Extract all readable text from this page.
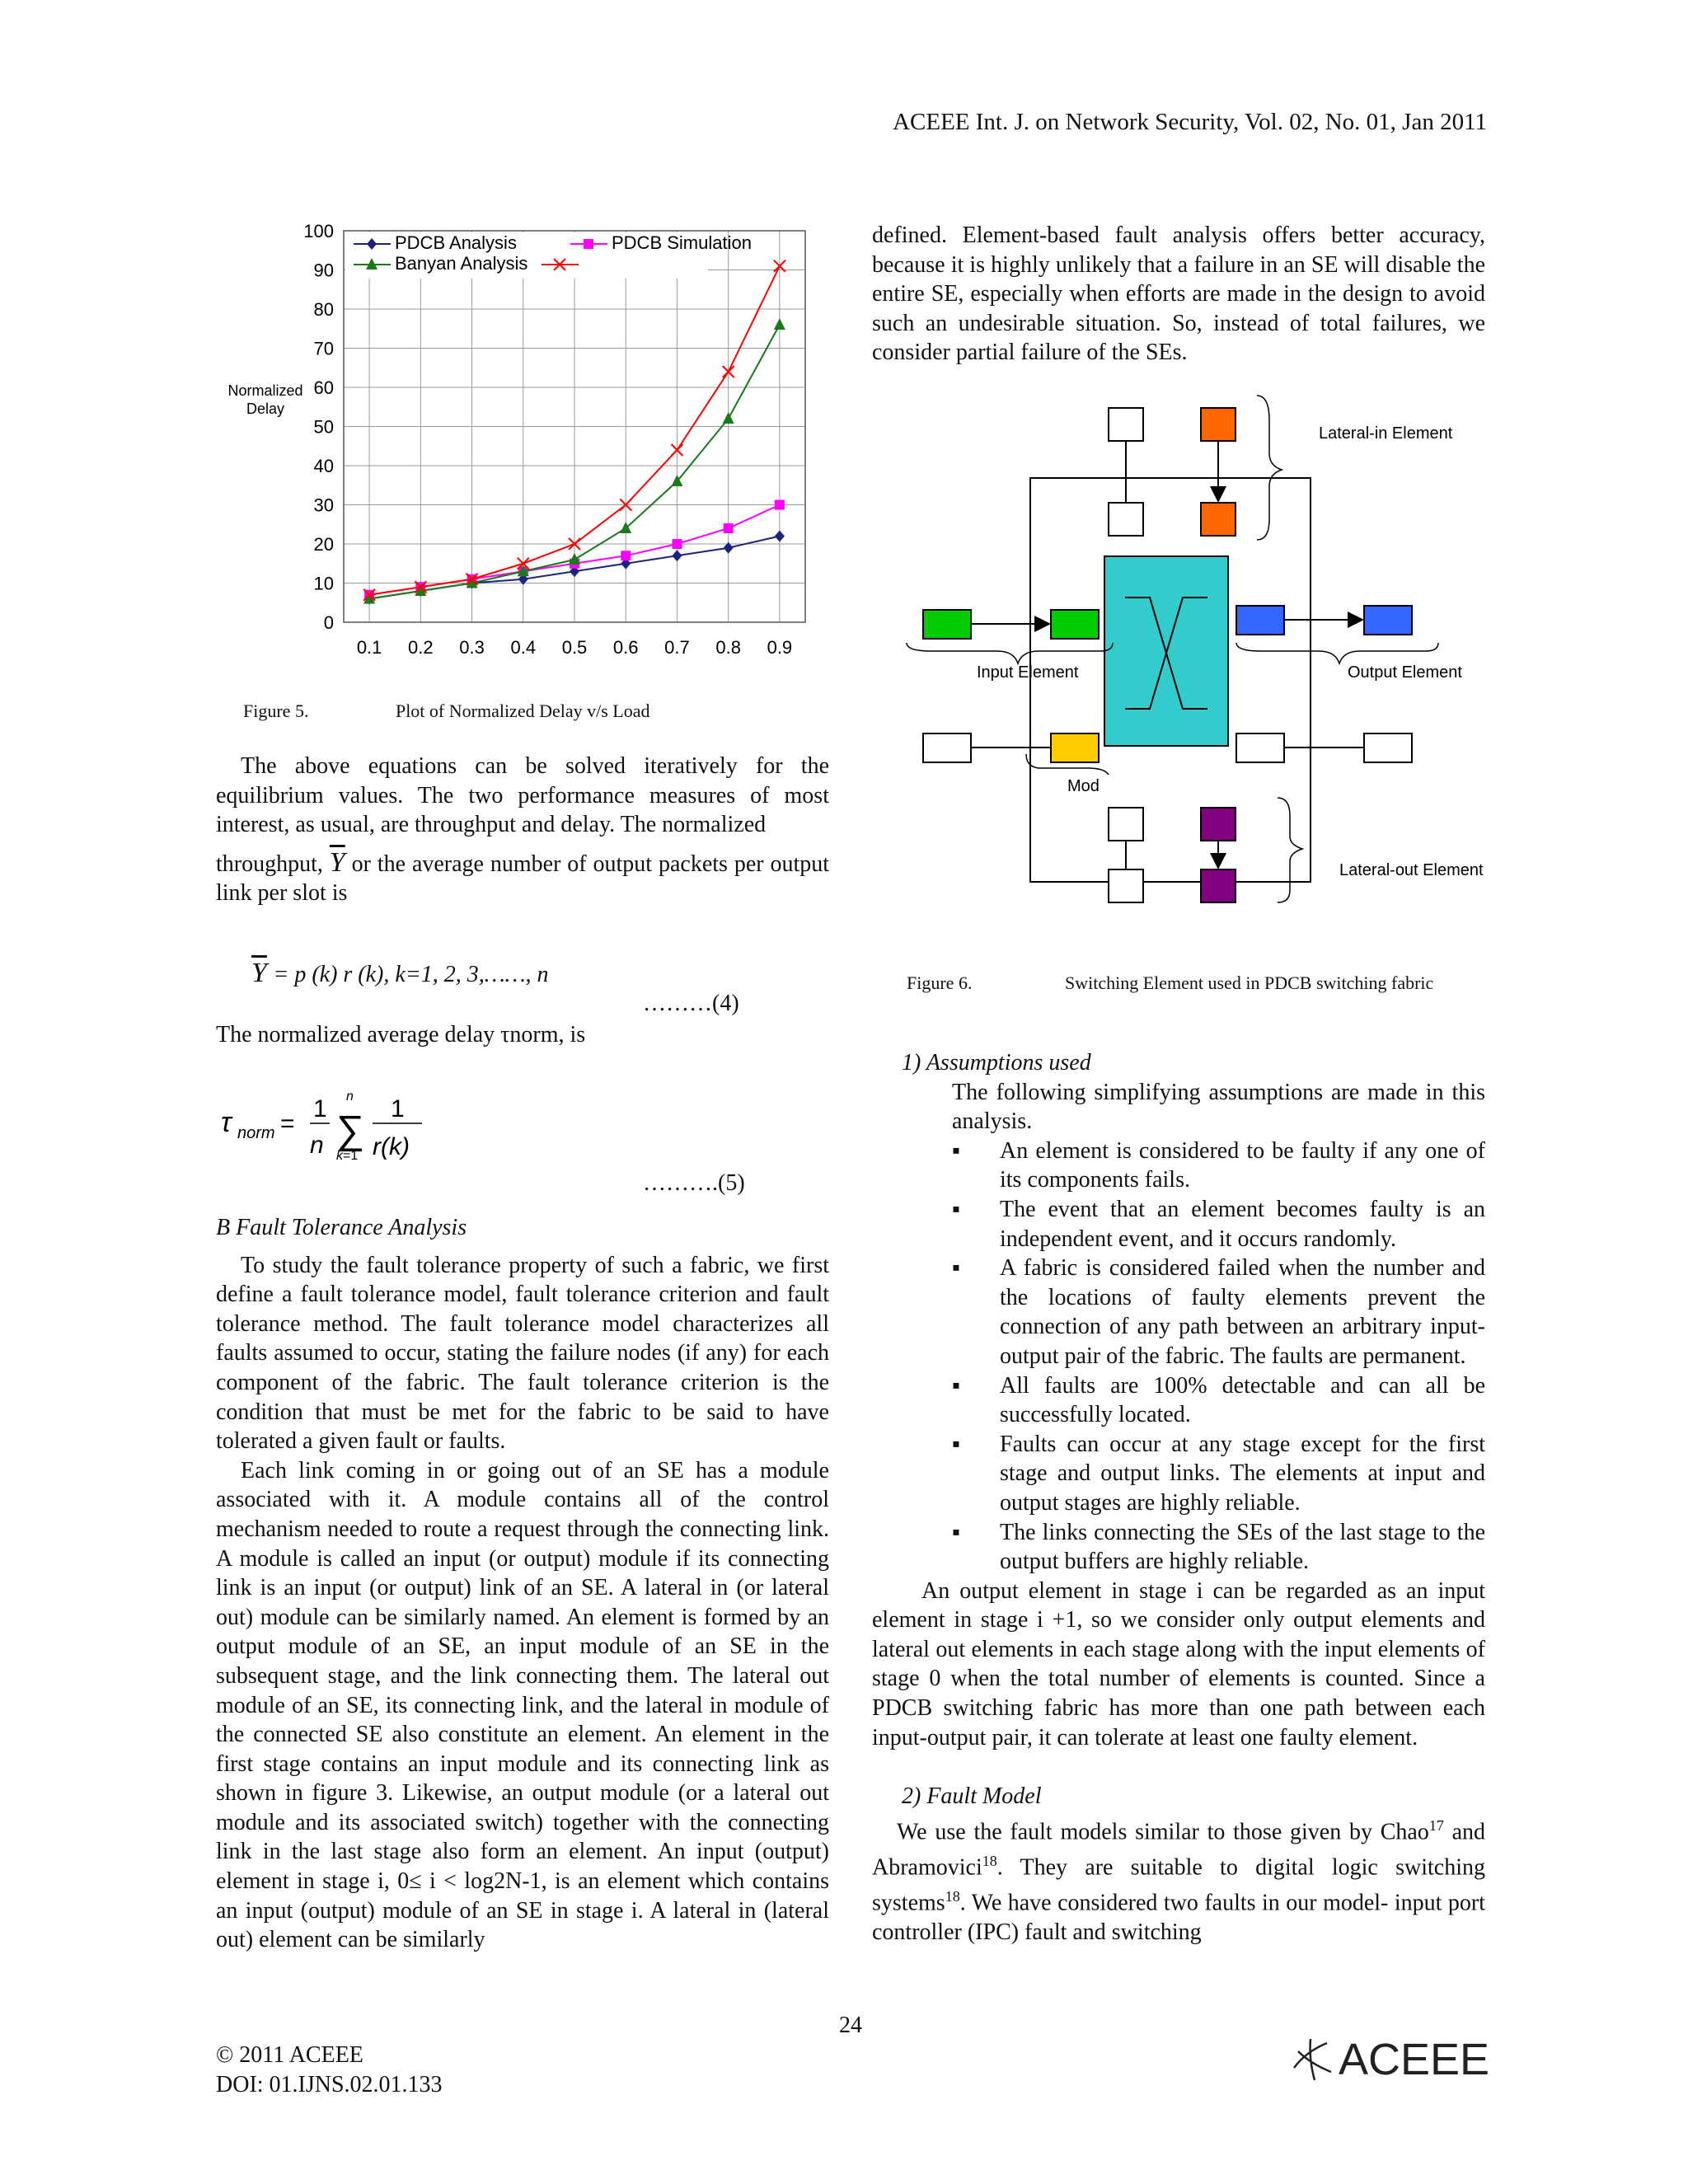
ACEEE Int. J. on Network Security, Vol. 02, No. 01, Jan 2011
0
10
20
30
40
50
60
70
80
90
100
0.1 0.2 0.3 0.4 0.5 0.6 0.7 0.8 0.9
Normalized Delay
PDCB Analysis	PDCB Simulation
Banyan Analysis
Figure 5.	Plot of Normalized Delay v/s Load

The above equations can be solved iteratively for the equilibrium values. The two performance measures of most interest, as usual, are throughput and delay. The normalized

throughput, $\overline{Y}$ or the average number of output packets per output link per slot is

$\overline{Y} = p$ (k) r (k), k=1, 2, 3,……, n
………(4)
The normalized average delay τnorm, is
τ norm =
1
n ∑
n
k=1
1
r(k)
……….(5)

B Fault Tolerance Analysis

To study the fault tolerance property of such a fabric, we first define a fault tolerance model, fault tolerance criterion and fault tolerance method. The fault tolerance model characterizes all faults assumed to occur, stating the failure nodes (if any) for each component of the fabric. The fault tolerance criterion is the condition that must be met for the fabric to be said to have tolerated a given fault or faults.

Each link coming in or going out of an SE has a module associated with it. A module contains all of the control mechanism needed to route a request through the connecting link. A module is called an input (or output) module if its connecting link is an input (or output) link of an SE. A lateral in (or lateral out) module can be similarly named. An element is formed by an output module of an SE, an input module of an SE in the subsequent stage, and the link connecting them. The lateral out module of an SE, its connecting link, and the lateral in module of the connected SE also constitute an element. An element in the first stage contains an input module and its connecting link as shown in figure 3. Likewise, an output module (or a lateral out module and its associated switch) together with the connecting link in the last stage also form an element. An input (output) element in stage i, 0≤ i < log2N-1, is an element which contains an input (output) module of an SE in stage i. A lateral in (lateral out) element can be similarly

defined. Element-based fault analysis offers better accuracy, because it is highly unlikely that a failure in an SE will disable the entire SE, especially when efforts are made in the design to avoid such an undesirable situation. So, instead of total failures, we consider partial failure of the SEs.

Lateral-in Element
Input Element	Output Element
Mod
Lateral-out Element
Figure 6.	Switching Element used in PDCB switching fabric

1) Assumptions used

The following simplifying assumptions are made in this analysis.

▪ An element is considered to be faulty if any one of its components fails.
▪ The event that an element becomes faulty is an independent event, and it occurs randomly.
▪ A fabric is considered failed when the number and the locations of faulty elements prevent the connection of any path between an arbitrary input-output pair of the fabric. The faults are permanent.
▪ All faults are 100% detectable and can all be successfully located.
▪ Faults can occur at any stage except for the first stage and output links. The elements at input and output stages are highly reliable.
▪ The links connecting the SEs of the last stage to the output buffers are highly reliable.

An output element in stage i can be regarded as an input element in stage i +1, so we consider only output elements and lateral out elements in each stage along with the input elements of stage 0 when the total number of elements is counted. Since a PDCB switching fabric has more than one path between each input-output pair, it can tolerate at least one faulty element.

2) Fault Model

We use the fault models similar to those given by Chao$^{17}$ and Abramovici$^{18}$. They are suitable to digital logic switching systems$^{18}$. We have considered two faults in our model- input port controller (IPC) fault and switching

24
© 2011 ACEEE
DOI: 01.IJNS.02.01.133
ACEEE
